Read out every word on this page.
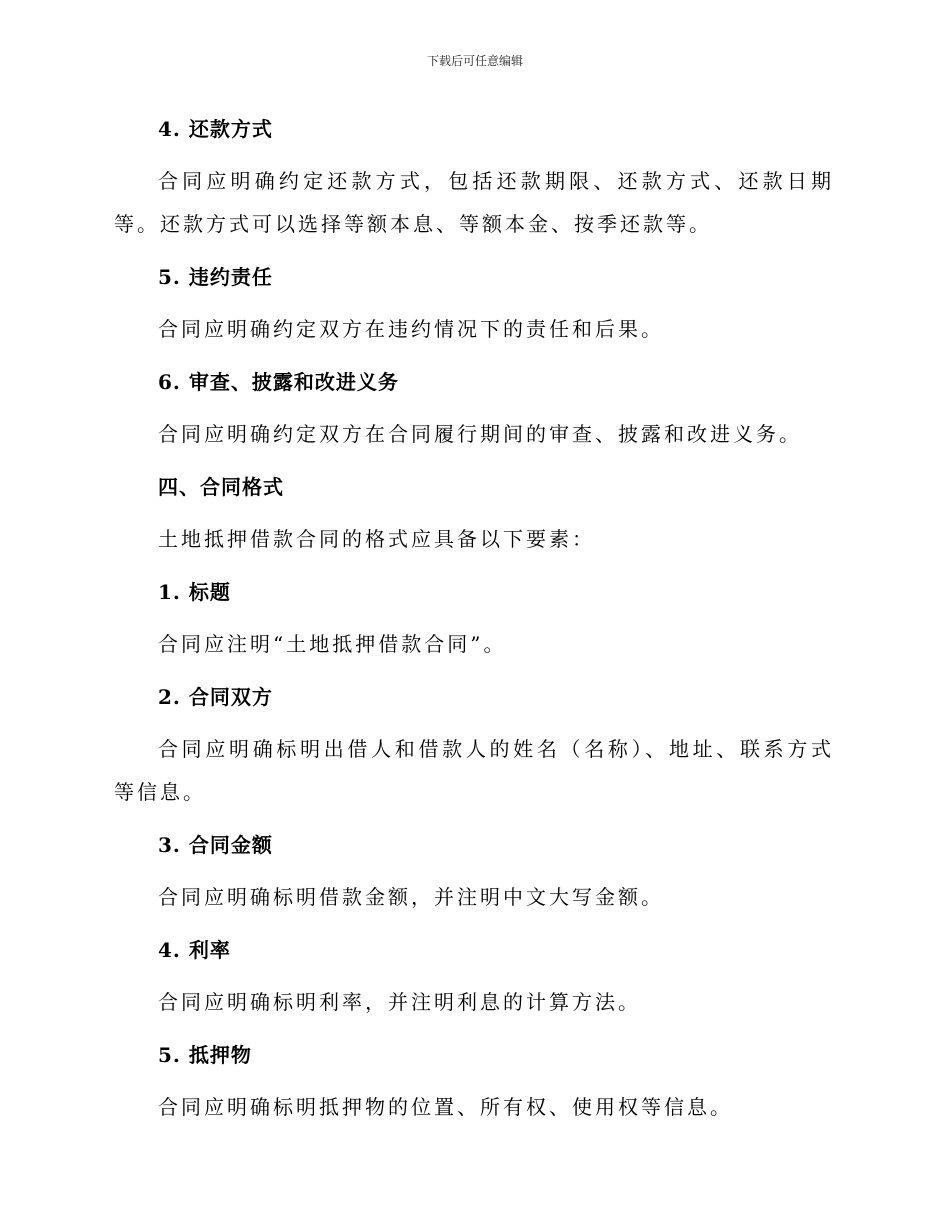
下载后可任意编辑
4. 还款方式

合同应明确约定还款方式，包括还款期限、还款方式、还款日期等。还款方式可以选择等额本息、等额本金、按季还款等。

5. 违约责任

合同应明确约定双方在违约情况下的责任和后果。

6. 审查、披露和改进义务

合同应明确约定双方在合同履行期间的审查、披露和改进义务。

四、合同格式

土地抵押借款合同的格式应具备以下要素：

1. 标题

合同应注明“土地抵押借款合同”。

2. 合同双方

合同应明确标明出借人和借款人的姓名（名称）、地址、联系方式等信息。

3. 合同金额

合同应明确标明借款金额，并注明中文大写金额。

4. 利率

合同应明确标明利率，并注明利息的计算方法。

5. 抵押物

合同应明确标明抵押物的位置、所有权、使用权等信息。
